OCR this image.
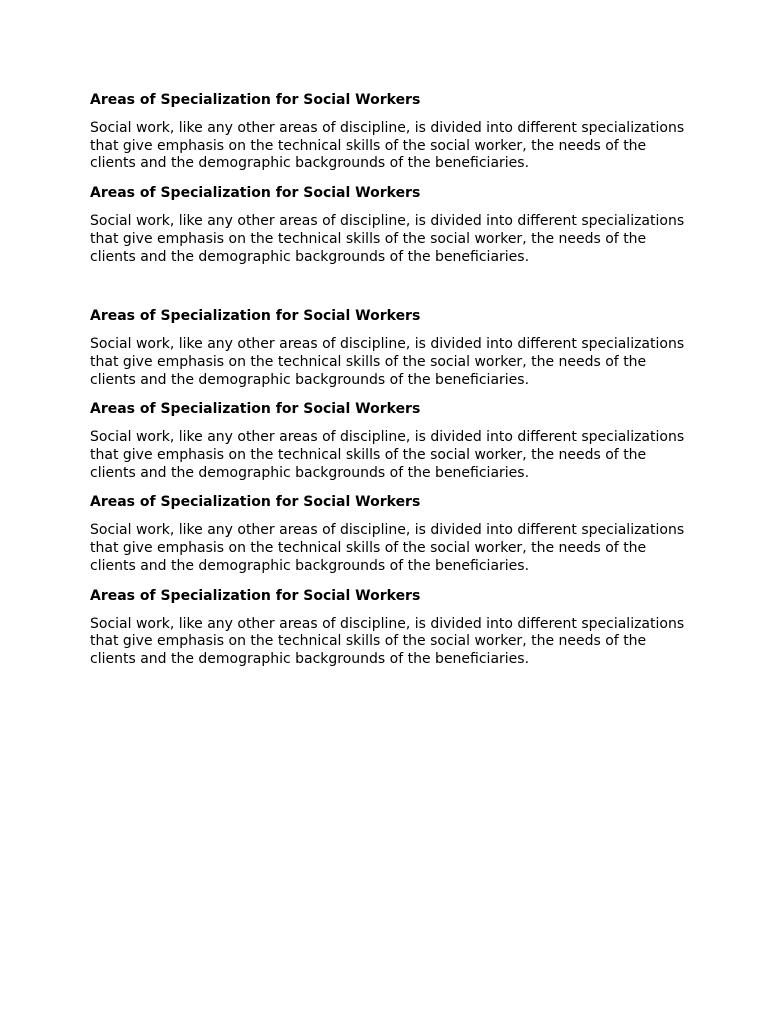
Areas of Specialization for Social Workers
Social work, like any other areas of discipline, is divided into different specializations
that give emphasis on the technical skills of the social worker, the needs of the
clients and the demographic backgrounds of the beneficiaries.
Areas of Specialization for Social Workers
Social work, like any other areas of discipline, is divided into different specializations
that give emphasis on the technical skills of the social worker, the needs of the
clients and the demographic backgrounds of the beneficiaries.
Areas of Specialization for Social Workers
Social work, like any other areas of discipline, is divided into different specializations
that give emphasis on the technical skills of the social worker, the needs of the
clients and the demographic backgrounds of the beneficiaries.
Areas of Specialization for Social Workers
Social work, like any other areas of discipline, is divided into different specializations
that give emphasis on the technical skills of the social worker, the needs of the
clients and the demographic backgrounds of the beneficiaries.
Areas of Specialization for Social Workers
Social work, like any other areas of discipline, is divided into different specializations
that give emphasis on the technical skills of the social worker, the needs of the
clients and the demographic backgrounds of the beneficiaries.
Areas of Specialization for Social Workers
Social work, like any other areas of discipline, is divided into different specializations
that give emphasis on the technical skills of the social worker, the needs of the
clients and the demographic backgrounds of the beneficiaries.
